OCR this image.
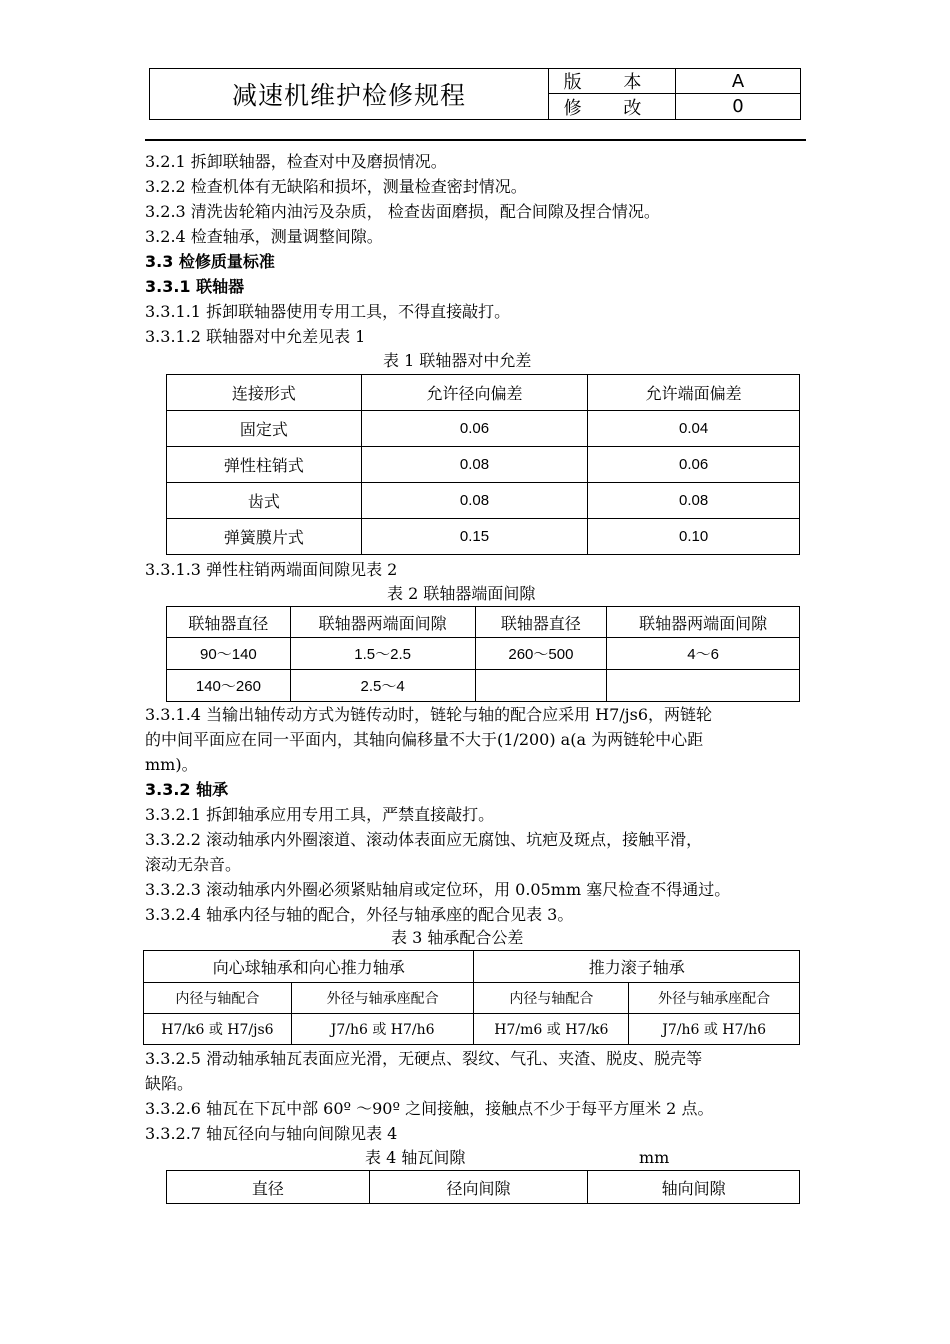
减速机维护检修规程	版 本	A
修 改	0
3.2.1 拆卸联轴器，检查对中及磨损情况。
3.2.2 检查机体有无缺陷和损坏，测量检查密封情况。
3.2.3 清洗齿轮箱内油污及杂质， 检查齿面磨损，配合间隙及捏合情况。
3.2.4 检查轴承，测量调整间隙。
3.3 检修质量标准
3.3.1 联轴器
3.3.1.1 拆卸联轴器使用专用工具，不得直接敲打。
3.3.1.2 联轴器对中允差见表 1
表 1 联轴器对中允差
连接形式	允许径向偏差	允许端面偏差
固定式	0.06	0.04
弹性柱销式	0.08	0.06
齿式	0.08	0.08
弹簧膜片式	0.15	0.10
3.3.1.3 弹性柱销两端面间隙见表 2
表 2 联轴器端面间隙
联轴器直径	联轴器两端面间隙	联轴器直径	联轴器两端面间隙
90～140	1.5～2.5	260～500	4～6
140～260	2.5～4		
3.3.1.4 当输出轴传动方式为链传动时，链轮与轴的配合应采用 H7/js6，两链轮
的中间平面应在同一平面内，其轴向偏移量不大于(1/200) a(a 为两链轮中心距
mm)。
3.3.2 轴承
3.3.2.1 拆卸轴承应用专用工具，严禁直接敲打。
3.3.2.2 滚动轴承内外圈滚道、滚动体表面应无腐蚀、坑疤及斑点，接触平滑，
滚动无杂音。
3.3.2.3 滚动轴承内外圈必须紧贴轴肩或定位环，用 0.05mm 塞尺检查不得通过。
3.3.2.4 轴承内径与轴的配合，外径与轴承座的配合见表 3。
表 3 轴承配合公差
向心球轴承和向心推力轴承		推力滚子轴承	
内径与轴配合	外径与轴承座配合	内径与轴配合	外径与轴承座配合
H7/k6 或 H7/js6	J7/h6 或 H7/h6	H7/m6 或 H7/k6	J7/h6 或 H7/h6
3.3.2.5 滑动轴承轴瓦表面应光滑，无硬点、裂纹、气孔、夹渣、脱皮、脱壳等
缺陷。
3.3.2.6 轴瓦在下瓦中部 60º ～90º 之间接触，接触点不少于每平方厘米 2 点。
3.3.2.7 轴瓦径向与轴向间隙见表 4
表 4 轴瓦间隙	mm
直径	径向间隙	轴向间隙
